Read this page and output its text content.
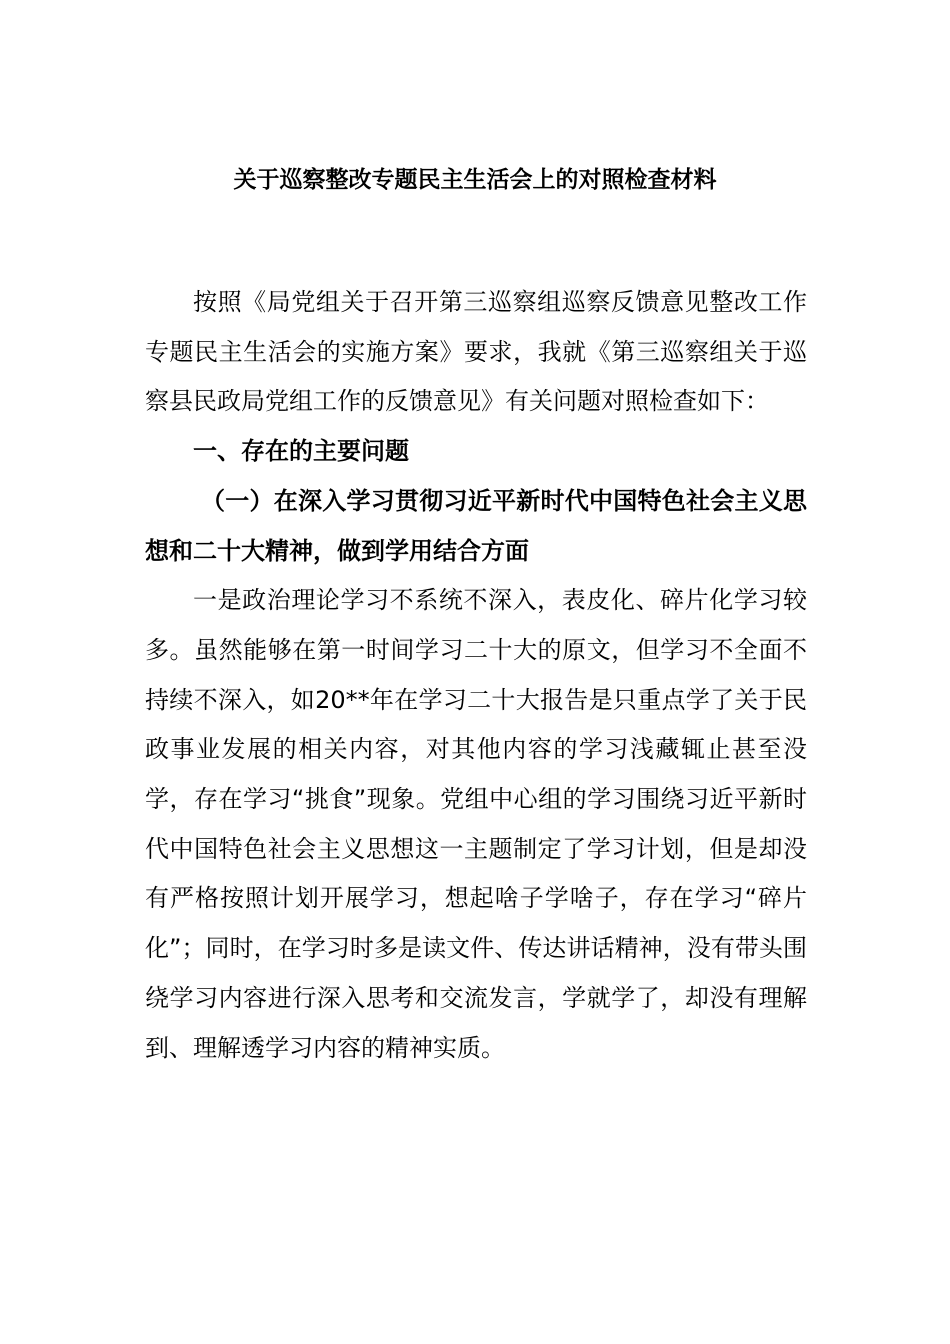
关于巡察整改专题民主生活会上的对照检查材料

按照《局党组关于召开第三巡察组巡察反馈意见整改工作专题民主生活会的实施方案》要求，我就《第三巡察组关于巡察县民政局党组工作的反馈意见》有关问题对照检查如下：

一、存在的主要问题

（一）在深入学习贯彻习近平新时代中国特色社会主义思想和二十大精神，做到学用结合方面

一是政治理论学习不系统不深入，表皮化、碎片化学习较多。虽然能够在第一时间学习二十大的原文，但学习不全面不持续不深入，如20**年在学习二十大报告是只重点学了关于民政事业发展的相关内容，对其他内容的学习浅藏辄止甚至没学，存在学习“挑食”现象。党组中心组的学习围绕习近平新时代中国特色社会主义思想这一主题制定了学习计划，但是却没有严格按照计划开展学习，想起啥子学啥子，存在学习“碎片化”；同时，在学习时多是读文件、传达讲话精神，没有带头围绕学习内容进行深入思考和交流发言，学就学了，却没有理解到、理解透学习内容的精神实质。
